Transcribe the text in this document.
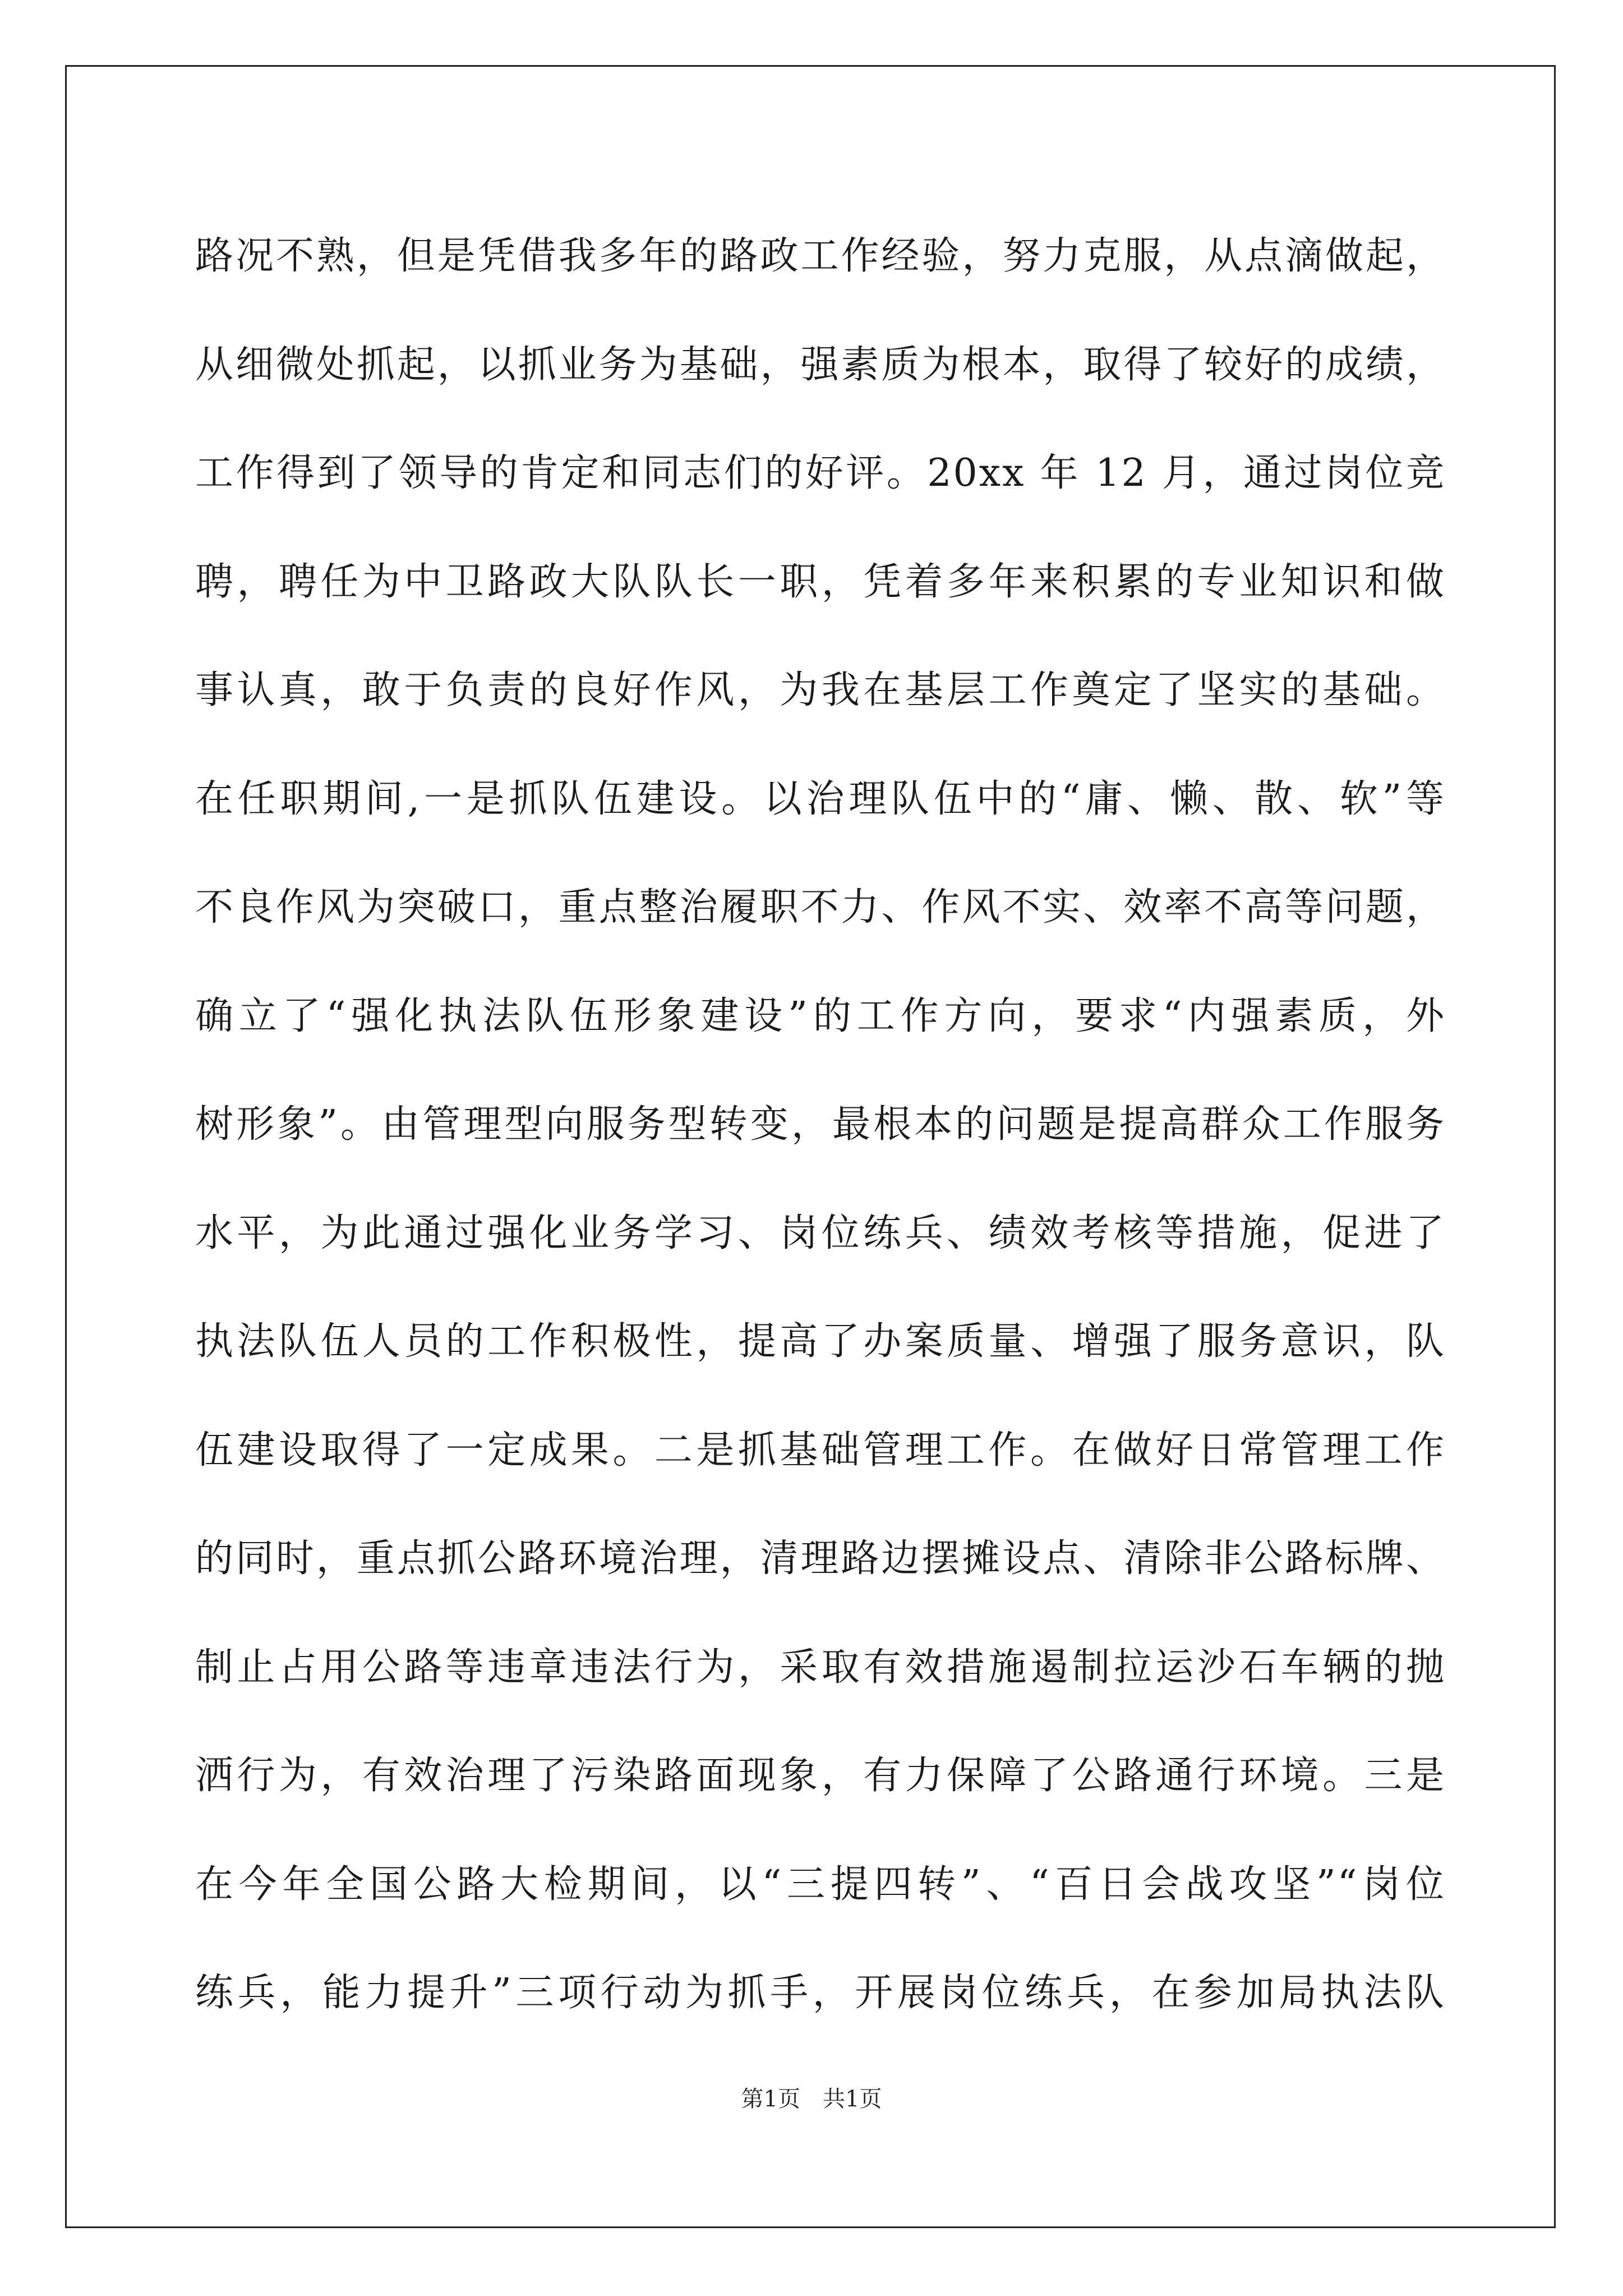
路况不熟，但是凭借我多年的路政工作经验，努力克服，从点滴做起，
从细微处抓起，以抓业务为基础，强素质为根本，取得了较好的成绩，
工作得到了领导的肯定和同志们的好评。20xx 年 12 月，通过岗位竞
聘，聘任为中卫路政大队队长一职，凭着多年来积累的专业知识和做
事认真，敢于负责的良好作风，为我在基层工作奠定了坚实的基础。
在任职期间,一是抓队伍建设。以治理队伍中的“庸、懒、散、软”等
不良作风为突破口，重点整治履职不力、作风不实、效率不高等问题，
确立了“强化执法队伍形象建设”的工作方向，要求“内强素质，外
树形象”。由管理型向服务型转变，最根本的问题是提高群众工作服务
水平，为此通过强化业务学习、岗位练兵、绩效考核等措施，促进了
执法队伍人员的工作积极性，提高了办案质量、增强了服务意识，队
伍建设取得了一定成果。二是抓基础管理工作。在做好日常管理工作
的同时，重点抓公路环境治理，清理路边摆摊设点、清除非公路标牌、
制止占用公路等违章违法行为，采取有效措施遏制拉运沙石车辆的抛
洒行为，有效治理了污染路面现象，有力保障了公路通行环境。三是
在今年全国公路大检期间，以“三提四转”、“百日会战攻坚”“岗位
练兵，能力提升”三项行动为抓手，开展岗位练兵，在参加局执法队
第1页 共1页
